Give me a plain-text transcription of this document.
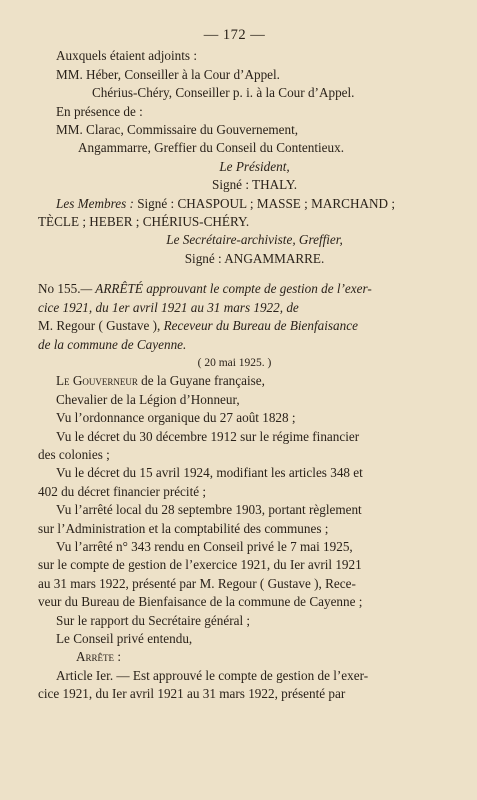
— 172 —
Auxquels étaient adjoints :
MM. Héber, Conseiller à la Cour d’Appel.
Chérius-Chéry, Conseiller p. i. à la Cour d’Appel.
En présence de :
MM. Clarac, Commissaire du Gouvernement,
Angammarre, Greffier du Conseil du Contentieux.
Le Président,
Signé : THALY.
Les Membres : Signé : CHASPOUL ; MASSE ; MARCHAND ;
TÈCLE ; HEBER ; CHÉRIUS-CHÉRY.
Le Secrétaire-archiviste, Greffier,
Signé : ANGAMMARRE.
No 155.— ARRÊTÉ approuvant le compte de gestion de l’exer-
cice 1921, du 1er avril 1921 au 31 mars 1922, de
M. Regour ( Gustave ), Receveur du Bureau de Bienfaisance
de la commune de Cayenne.
( 20 mai 1925. )
Le Gouverneur de la Guyane française,
Chevalier de la Légion d’Honneur,
Vu l’ordonnance organique du 27 août 1828 ;
Vu le décret du 30 décembre 1912 sur le régime financier
des colonies ;
Vu le décret du 15 avril 1924, modifiant les articles 348 et
402 du décret financier précité ;
Vu l’arrêté local du 28 septembre 1903, portant règlement
sur l’Administration et la comptabilité des communes ;
Vu l’arrêté n° 343 rendu en Conseil privé le 7 mai 1925,
sur le compte de gestion de l’exercice 1921, du Ier avril 1921
au 31 mars 1922, présenté par M. Regour ( Gustave ), Rece-
veur du Bureau de Bienfaisance de la commune de Cayenne ;
Sur le rapport du Secrétaire général ;
Le Conseil privé entendu,
Arrête :
Article Ier. — Est approuvé le compte de gestion de l’exer-
cice 1921, du Ier avril 1921 au 31 mars 1922, présenté par
